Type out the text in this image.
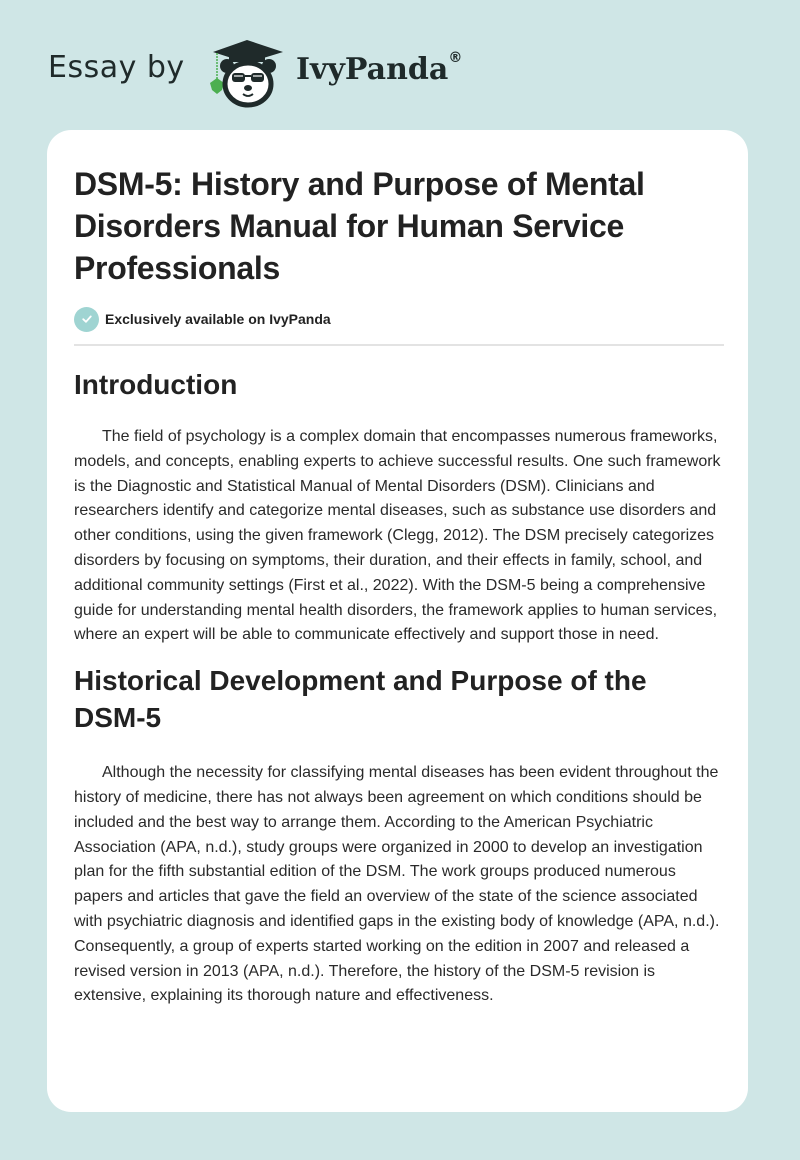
Essay by	IvyPanda®
DSM-5: History and Purpose of Mental Disorders Manual for Human Service Professionals
Exclusively available on IvyPanda
Introduction

The field of psychology is a complex domain that encompasses numerous frameworks, models, and concepts, enabling experts to achieve successful results. One such framework is the Diagnostic and Statistical Manual of Mental Disorders (DSM). Clinicians and researchers identify and categorize mental diseases, such as substance use disorders and other conditions, using the given framework (Clegg, 2012). The DSM precisely categorizes disorders by focusing on symptoms, their duration, and their effects in family, school, and additional community settings (First et al., 2022). With the DSM-5 being a comprehensive guide for understanding mental health disorders, the framework applies to human services, where an expert will be able to communicate effectively and support those in need.

Historical Development and Purpose of the DSM-5

Although the necessity for classifying mental diseases has been evident throughout the history of medicine, there has not always been agreement on which conditions should be included and the best way to arrange them. According to the American Psychiatric Association (APA, n.d.), study groups were organized in 2000 to develop an investigation plan for the fifth substantial edition of the DSM. The work groups produced numerous papers and articles that gave the field an overview of the state of the science associated with psychiatric diagnosis and identified gaps in the existing body of knowledge (APA, n.d.). Consequently, a group of experts started working on the edition in 2007 and released a revised version in 2013 (APA, n.d.). Therefore, the history of the DSM-5 revision is extensive, explaining its thorough nature and effectiveness.
